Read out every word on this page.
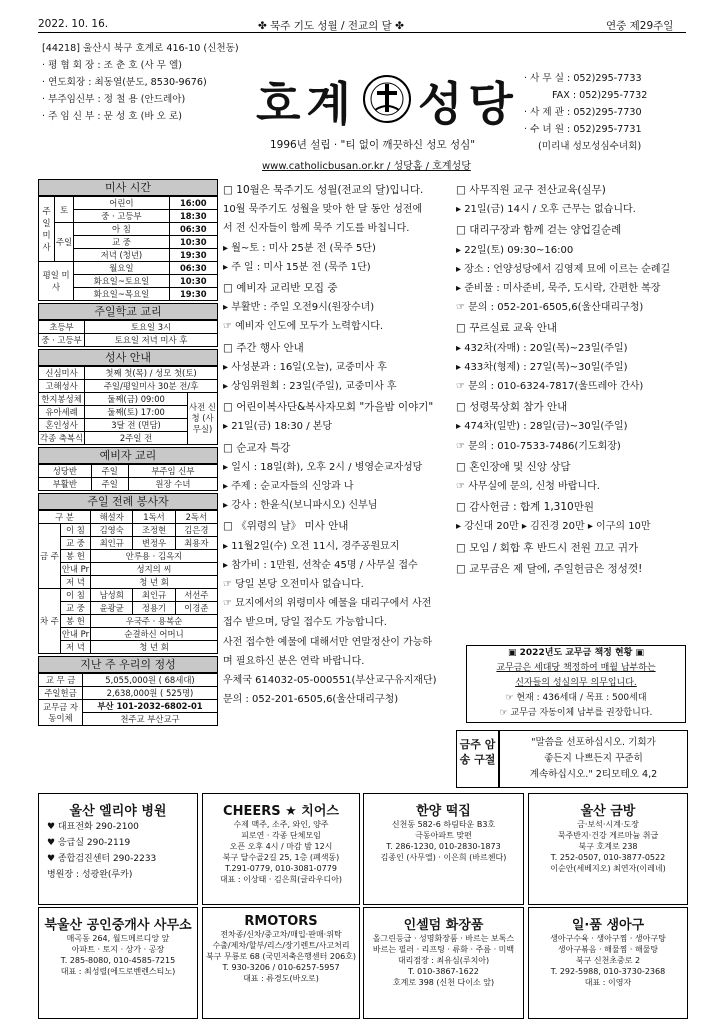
2022. 10. 16.	✤ 묵주 기도 성월 / 전교의 달 ✤	연중 제29주일
[44218] 울산시 북구 호계로 416-10 (신천동)
· 평 협 회 장 : 조 춘 호 (사 무 엘)
· 연도회장 : 최동열(분도, 8530-9676)
· 부주임신부 : 정 철 용 (안드레아)
· 주 임 신 부 : 문 성 호 (바 오 로)	호계 성당
1996년 설립 · "티 없이 깨끗하신 성모 성심"
www.catholicbusan.or.kr / 성당홈 / 호계성당
· 사 무 실 : 052)295-7733
FAX : 052)295-7732
· 사 제 관 : 052)295-7730
· 수 녀 원 : 052)295-7731
(미리내 성모성심수녀회)
미사 시간
주일
미사	토	어린이	16:00
		중 · 고등부	18:30
	주일	아 침	06:30
		교 중	10:30
		저녁 (청년)	19:30
평일 미사		월요일	06:30
		화요일~토요일	10:30
		화요일~목요일	19:30
주일학교 교리
초등부	토요일 3시
중 · 고등부	토요일 저녁 미사 후
성사 안내
신심미사	첫째 첫(목) / 성모 첫(토)	
고해성사	주일/평일미사 30분 전/후	
한지봉성체	둘째(금) 09:00	사전 신청 (사무실)
유아세례	둘째(토) 17:00	
혼인성사	3달 전 (면담)	
각종 축복식	2주일 전	
예비자 교리
성당반	주일	부주임 신부
부활반	주일	원장 수녀
주일 전례 봉사자
구 분		해설자	1독서	2독서
금 주	이 침	김영숙	조정현	김은경
	교 중	최인규	변정우	최용자
	봉 헌	안루용 · 김옥지		
	안내 Pr	성지의 씨		
	저 녁	청 년 회		
차 주	이 침	남성희	최인규	서선주
	교 중	윤광균	정용기	이경준
	봉 헌	우국주 · 용복순		
	안내 Pr	순결하신 어머니		
	저 녁	청 년 회		
지난 주 우리의 정성
교 무 금	5,055,000원 ( 68세대)
주일헌금	2,638,000원 ( 525명)
교무금 자동이체	부산 101-2032-6802-01
	천주교 부산교구

□ 10월은 묵주기도 성월(전교의 달)입니다.

10월 묵주기도 성월을 맞아 한 달 동안 성전에

서 전 신자들이 함께 묵주 기도를 바칩니다.

▸ 월~토 : 미사 25분 전 (묵주 5단)

▸ 주 일 : 미사 15분 전 (묵주 1단)

□ 예비자 교리반 모집 중

▸ 부활반 : 주일 오전9시(원장수녀)

☞ 예비자 인도에 모두가 노력합시다.

□ 주간 행사 안내

▸ 사성분과 : 16일(오늘), 교중미사 후

▸ 상임위원회 : 23일(주일), 교중미사 후

□ 어린이복사단&복사자모회 "가을밤 이야기"

▸ 21일(금) 18:30 / 본당

□ 순교자 특강

▸ 일시 : 18일(화), 오후 2시 / 병영순교자성당

▸ 주제 : 순교자들의 신앙과 나

▸ 강사 : 한윤식(보니파시오) 신부님

□ 《위령의 날》 미사 안내

▸ 11월2일(수) 오전 11시, 경주공원묘지

▸ 참가비 : 1만원, 선착순 45명 / 사무실 접수

☞ 당일 본당 오전미사 없습니다.

☞ 묘지에서의 위령미사 예물을 대리구에서 사전

접수 받으며, 당일 접수도 가능합니다.

사전 접수한 예물에 대해서만 연말정산이 가능하

며 필요하신 분은 연락 바랍니다.

우체국 614032-05-000551(부산교구유지재단)

문의 : 052-201-6505,6(울산대리구청)

□ 사무직원 교구 전산교육(실무)

▸ 21일(금) 14시 / 오후 근무는 없습니다.

□ 대리구장과 함께 걷는 양업길순례

▸ 22일(토) 09:30~16:00

▸ 장소 : 언양성당에서 김영제 묘에 이르는 순례길

▸ 준비물 : 미사준비, 묵주, 도시락, 간편한 복장

☞ 문의 : 052-201-6505,6(울산대리구청)

□ 꾸르실료 교육 안내

▸ 432차(자매) : 20일(목)~23일(주일)

▸ 433차(형제) : 27일(목)~30일(주일)

☞ 문의 : 010-6324-7817(울뜨레아 간사)

□ 성령묵상회 참가 안내

▸ 474차(일반) : 28일(금)~30일(주일)

☞ 문의 : 010-7533-7486(기도회장)

□ 혼인장애 및 신앙 상담

☞ 사무실에 문의, 신청 바랍니다.

□ 감사헌금 : 합계 1,310만원

▸ 강신대 20만 ▸ 김진경 20만 ▸ 이구의 10만

□ 모임 / 회합 후 반드시 전원 끄고 귀가

□ 교무금은 제 달에, 주일헌금은 정성껏!

▣ 2022년도 교무금 책정 현황 ▣
교무금은 세대당 책정하여 매월 납부하는
신자들의 성실의무 의무입니다.
☞ 현재 : 436세대 / 목표 : 500세대
☞ 교무금 자동이체 납부를 권장합니다.
금주 암송 구절
"말씀을 선포하십시오. 기회가
좋든지 나쁘든지 꾸준히
계속하십시오." 2티모테오 4,2
울산 엘리야 병원
♥ 대표전화 290-2100
♥ 응급실 290-2119
♥ 종합검진센터 290-2233
병원장 : 성광완(루카)
CHEERS ★ 치어스
수제 맥주, 소주, 와인, 양주
피로연 · 각종 단체모임
오픈 오후 4시 / 마감 밤 12시
북구 달수골2길 25, 1층 (폐색동)
T.291-0779, 010-3081-0779
대표 : 이상태 · 김은희(글라우디아)
한양 떡집
신천동 582-6 하림타운 B3호
극동아파트 맞편
T. 286-1230, 010-2830-1873
김종인 (사무엘) · 이은희 (바르첸다)
울산 금방
금·보석·시계·도장
묵주반지·건강 게르마늄 취급
북구 호계로 238
T. 252-0507, 010-3877-0522
이순안(세베지오) 최연자(이레네)
북울산 공인중개사 사무소
매곡동 264, 월드메르디앙 앞
아파트 · 토지 · 상가 · 공장
T. 285-8080, 010-4585-7215
대표 : 최성렬(에드로벤렌스티노)
RMOTORS
전차종/신차/중고차/매입·판매·위탁
수출/제차/할부/리스/장기렌트/사고처리
북구 무룡로 68 (국민저축은행센터 206호)
T. 930-3206 / 010-6257-5957
대표 : 류경도(바오로)
인셀덤 화장품
올그린등급 · 성명화장품 · 바르는 보톡스
바르는 필러 · 리프팅 · 류화 · 주름 · 미백
대리점장 : 최유심(루치아)
T. 010-3867-1622
호계로 398 (신천 다이소 앞)
일·품 생아구
생아구수육 · 생아구찜 · 생아구탕
생아구볶음 · 해물찜 · 해물탕
북구 신천초중로 2
T. 292-5988, 010-3730-2368
대표 : 이영자
